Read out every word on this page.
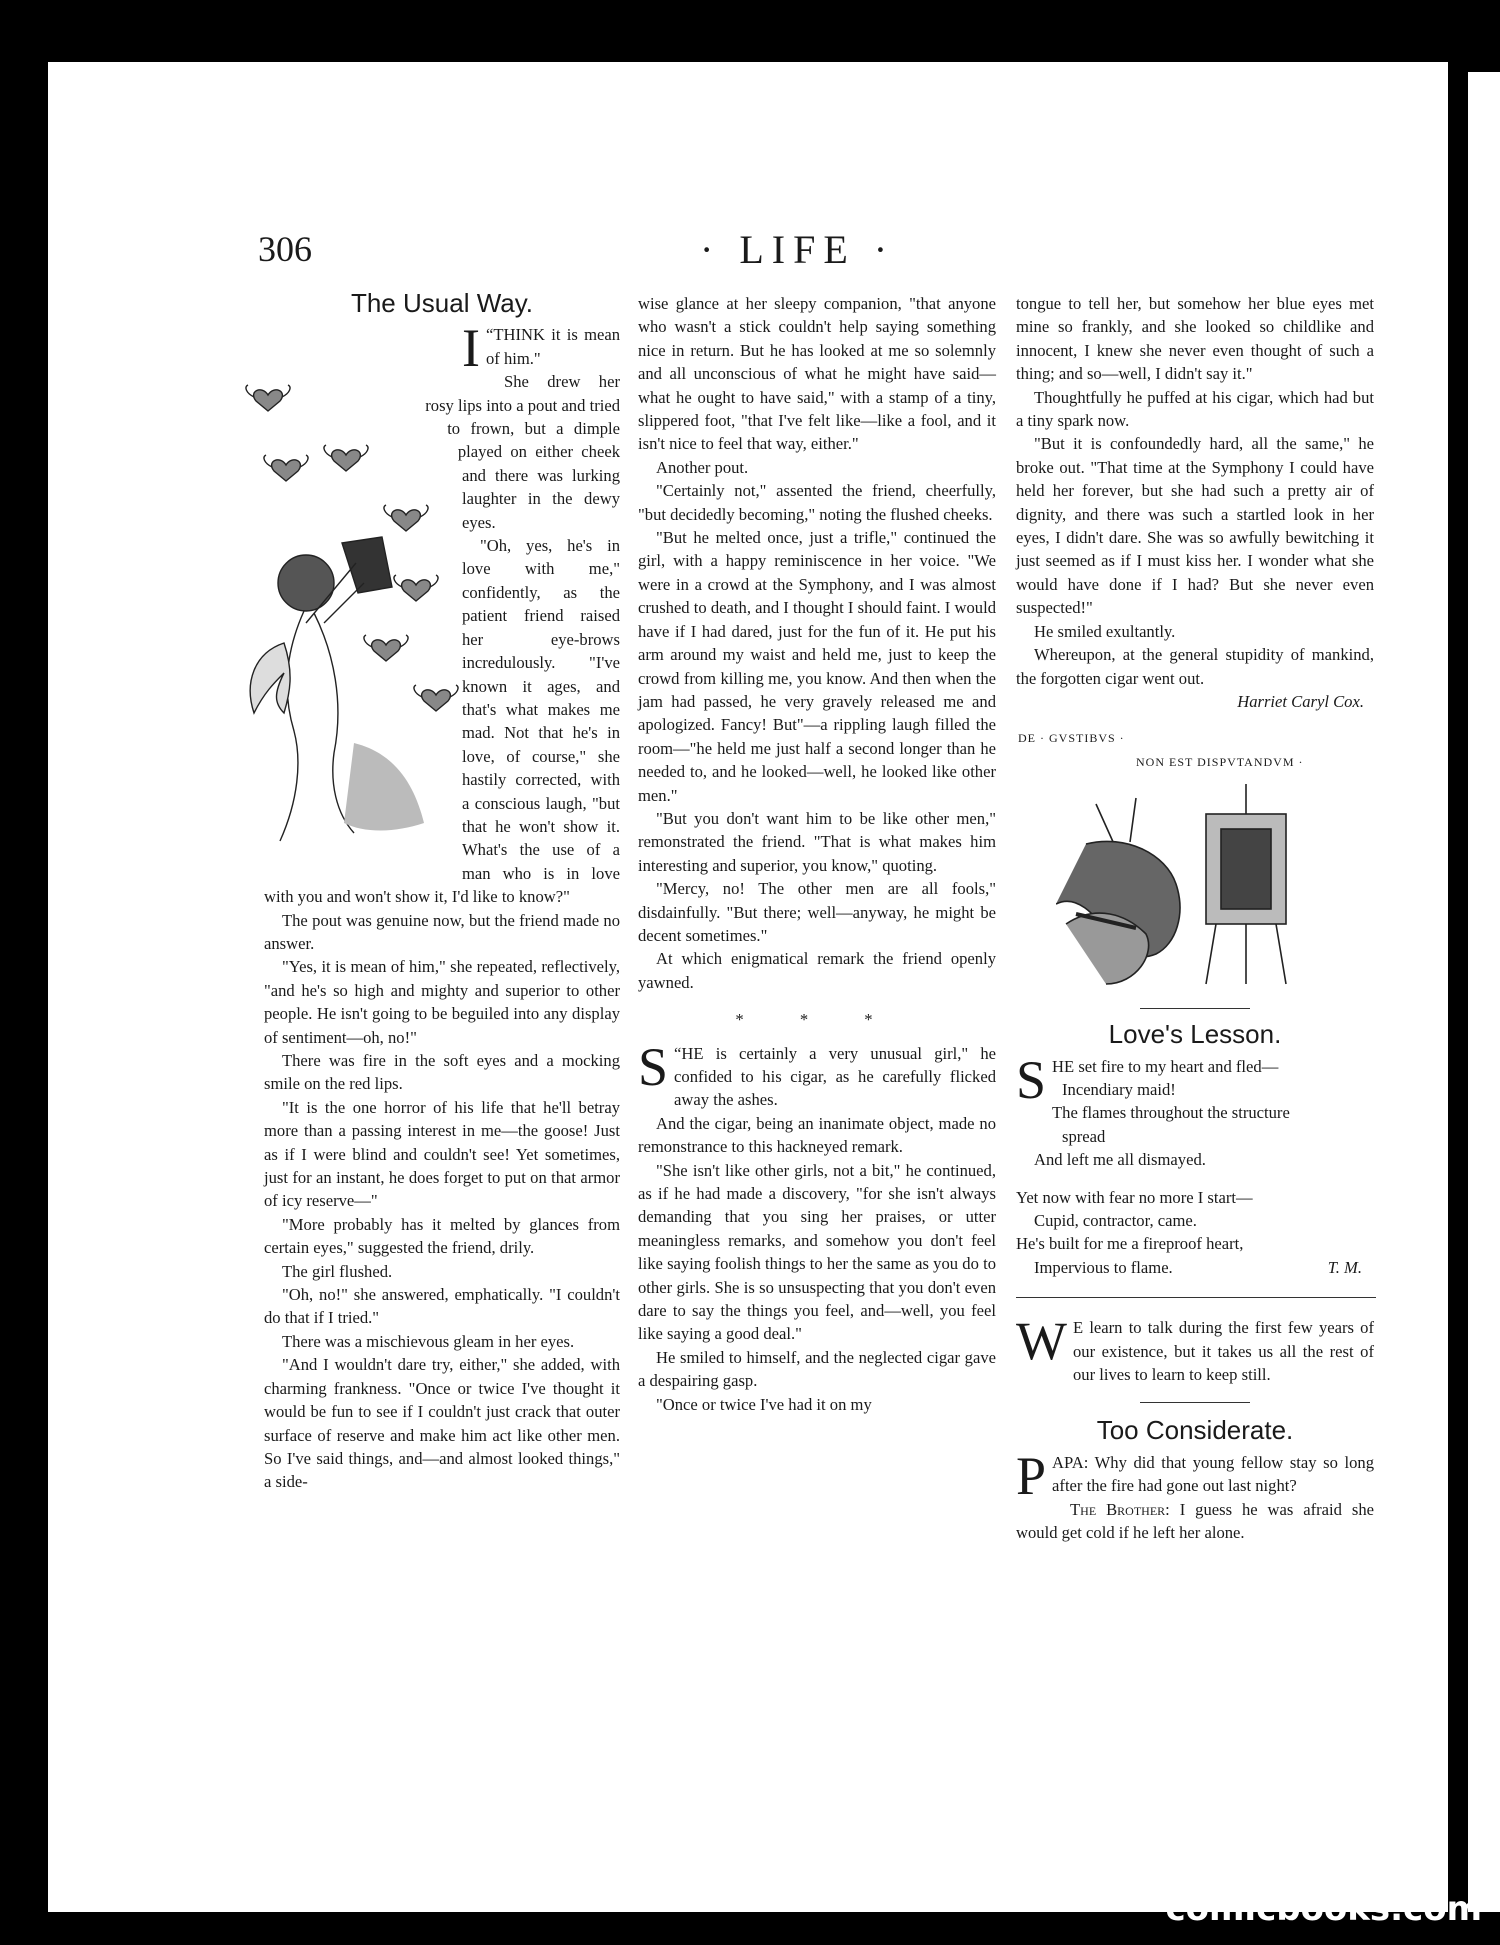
306	· LIFE ·
The Usual Way.

“
I THINK it is mean of him."

She drew her rosy lips into a pout and tried to frown, but a dimple played on either cheek and there was lurking laughter in the dewy eyes.

"Oh, yes, he's in love with me," confidently, as the patient friend raised her eye-brows incredulously. "I've known it ages, and that's what makes me mad. Not that he's in love, of course," she hastily corrected, with a conscious laugh, "but that he won't show it. What's the use of a man who is in love with you and won't show it, I'd like to know?"

The pout was genuine now, but the friend made no answer.

"Yes, it is mean of him," she repeated, reflectively, "and he's so high and mighty and superior to other people. He isn't going to be beguiled into any display of sentiment—oh, no!"

There was fire in the soft eyes and a mocking smile on the red lips.

"It is the one horror of his life that he'll betray more than a passing interest in me—the goose! Just as if I were blind and couldn't see! Yet sometimes, just for an instant, he does forget to put on that armor of icy reserve—"

"More probably has it melted by glances from certain eyes," suggested the friend, drily.

The girl flushed.

"Oh, no!" she answered, emphatically. "I couldn't do that if I tried."

There was a mischievous gleam in her eyes.

"And I wouldn't dare try, either," she added, with charming frankness. "Once or twice I've thought it would be fun to see if I couldn't just crack that outer surface of reserve and make him act like other men. So I've said things, and—and almost looked things," a side-

wise glance at her sleepy companion, "that anyone who wasn't a stick couldn't help saying something nice in return. But he has looked at me so solemnly and all unconscious of what he might have said—what he ought to have said," with a stamp of a tiny, slippered foot, "that I've felt like—like a fool, and it isn't nice to feel that way, either."

Another pout.

"Certainly not," assented the friend, cheerfully, "but decidedly becoming," noting the flushed cheeks.

"But he melted once, just a trifle," continued the girl, with a happy reminiscence in her voice. "We were in a crowd at the Symphony, and I was almost crushed to death, and I thought I should faint. I would have if I had dared, just for the fun of it. He put his arm around my waist and held me, just to keep the crowd from killing me, you know. And then when the jam had passed, he very gravely released me and apologized. Fancy! But"—a rippling laugh filled the room—"he held me just half a second longer than he needed to, and he looked—well, he looked like other men."

"But you don't want him to be like other men," remonstrated the friend. "That is what makes him interesting and superior, you know," quoting.

"Mercy, no! The other men are all fools," disdainfully. "But there; well—anyway, he might be decent sometimes."

At which enigmatical remark the friend openly yawned.

* * *

“
S HE is certainly a very unusual girl," he confided to his cigar, as he carefully flicked away the ashes.

And the cigar, being an inanimate object, made no remonstrance to this hackneyed remark.

"She isn't like other girls, not a bit," he continued, as if he had made a discovery, "for she isn't always demanding that you sing her praises, or utter meaningless remarks, and somehow you don't feel like saying foolish things to her the same as you do to other girls. She is so unsuspecting that you don't even dare to say the things you feel, and—well, you feel like saying a good deal."

He smiled to himself, and the neglected cigar gave a despairing gasp.

"Once or twice I've had it on my

tongue to tell her, but somehow her blue eyes met mine so frankly, and she looked so childlike and innocent, I knew she never even thought of such a thing; and so—well, I didn't say it."

Thoughtfully he puffed at his cigar, which had but a tiny spark now.

"But it is confoundedly hard, all the same," he broke out. "That time at the Symphony I could have held her forever, but she had such a pretty air of dignity, and there was such a startled look in her eyes, I didn't dare. She was so awfully bewitching it just seemed as if I must kiss her. I wonder what she would have done if I had? But she never even suspected!"

He smiled exultantly.

Whereupon, at the general stupidity of mankind, the forgotten cigar went out.

Harriet Caryl Cox.
DE · GVSTIBVS ·
NON EST DISPVTANDVM ·
Love's Lesson.
S HE set fire to my heart and fled—

Incendiary maid!

The flames throughout the structure

spread

And left me all dismayed.

Yet now with fear no more I start—

Cupid, contractor, came.

He's built for me a fireproof heart,

Impervious to flame.	T. M.

W E learn to talk during the first few years of our existence, but it takes us all the rest of our lives to learn to keep still.

Too Considerate.

PAPA: Why did that young fellow stay so long after the fire had gone out last night?

The Brother: I guess he was afraid she would get cold if he left her alone.

comicbooks.com
